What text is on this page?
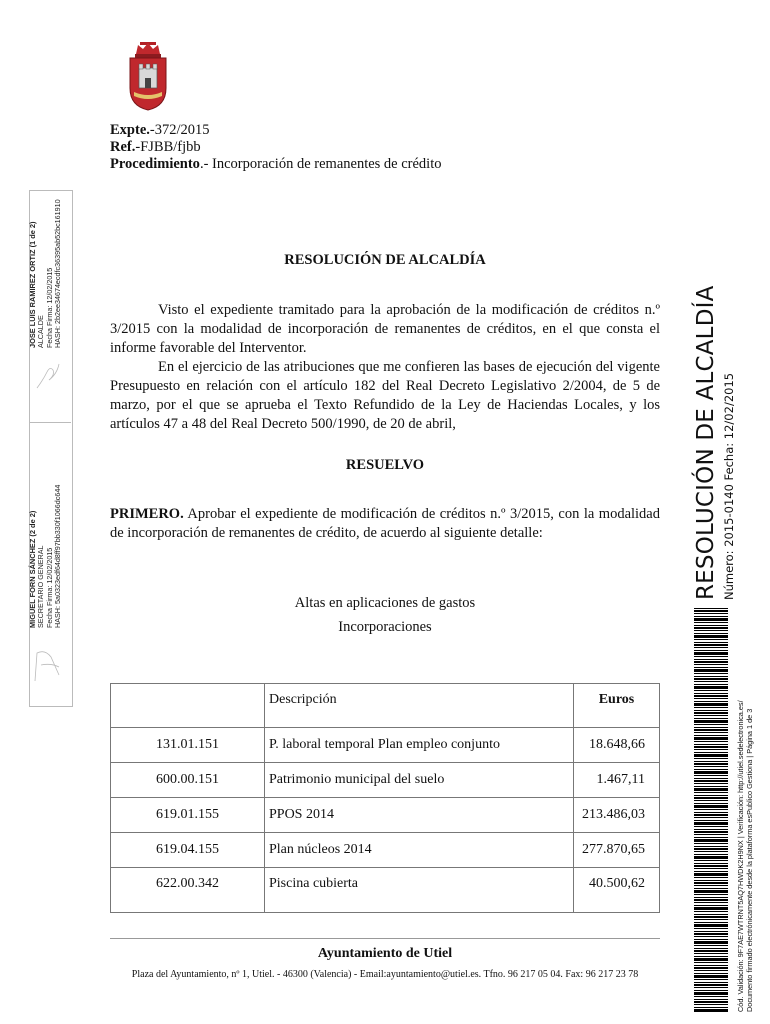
Expte.-372/2015
Ref.-FJBB/fjbb
Procedimiento.- Incorporación de remanentes de crédito
RESOLUCIÓN DE ALCALDÍA
Visto el expediente tramitado para la aprobación de la modificación de créditos n.º 3/2015 con la modalidad de incorporación de remanentes de créditos, en el que consta el informe favorable del Interventor.
En el ejercicio de las atribuciones que me confieren las bases de ejecución del vigente Presupuesto en relación con el artículo 182 del Real Decreto Legislativo 2/2004, de 5 de marzo, por el que se aprueba el Texto Refundido de la Ley de Haciendas Locales, y los artículos 47 a 48 del Real Decreto 500/1990, de 20 de abril,
RESUELVO
PRIMERO. Aprobar el expediente de modificación de créditos n.º 3/2015, con la modalidad de incorporación de remanentes de crédito, de acuerdo al siguiente detalle:
Altas en aplicaciones de gastos
Incorporaciones
	Descripción	Euros
131.01.151	P. laboral temporal Plan empleo conjunto	18.648,66
600.00.151	Patrimonio municipal del suelo	1.467,11
619.01.155	PPOS 2014	213.486,03
619.04.155	Plan núcleos 2014	277.870,65
622.00.342	Piscina cubierta	40.500,62
Ayuntamiento de Utiel
Plaza del Ayuntamiento, nº 1, Utiel. - 46300 (Valencia) - Email:ayuntamiento@utiel.es. Tfno. 96 217 05 04. Fax: 96 217 23 78
JOSE LUIS RAMIREZ ORTIZ (1 de 2) ALCALDE Fecha Firma: 12/02/2015 HASH: 2b2ee34674ecdfc36395ab52bc161910
MIGUEL FORN SÁNCHEZ (2 de 2) SECRETARIO GENERAL Fecha Firma: 12/02/2015 HASH: 5a0323edf64d8ff97bb330f1066dc644	RESOLUCIÓN DE ALCALDÍA Número: 2015-0140 Fecha: 12/02/2015
Cód. Validación: 9F7AE7WTRNT5AQ7HWDK2H9NX | Verificación: http://utiel.sedelectronica.es/ Documento firmado electrónicamente desde la plataforma esPublico Gestiona | Página 1 de 3
